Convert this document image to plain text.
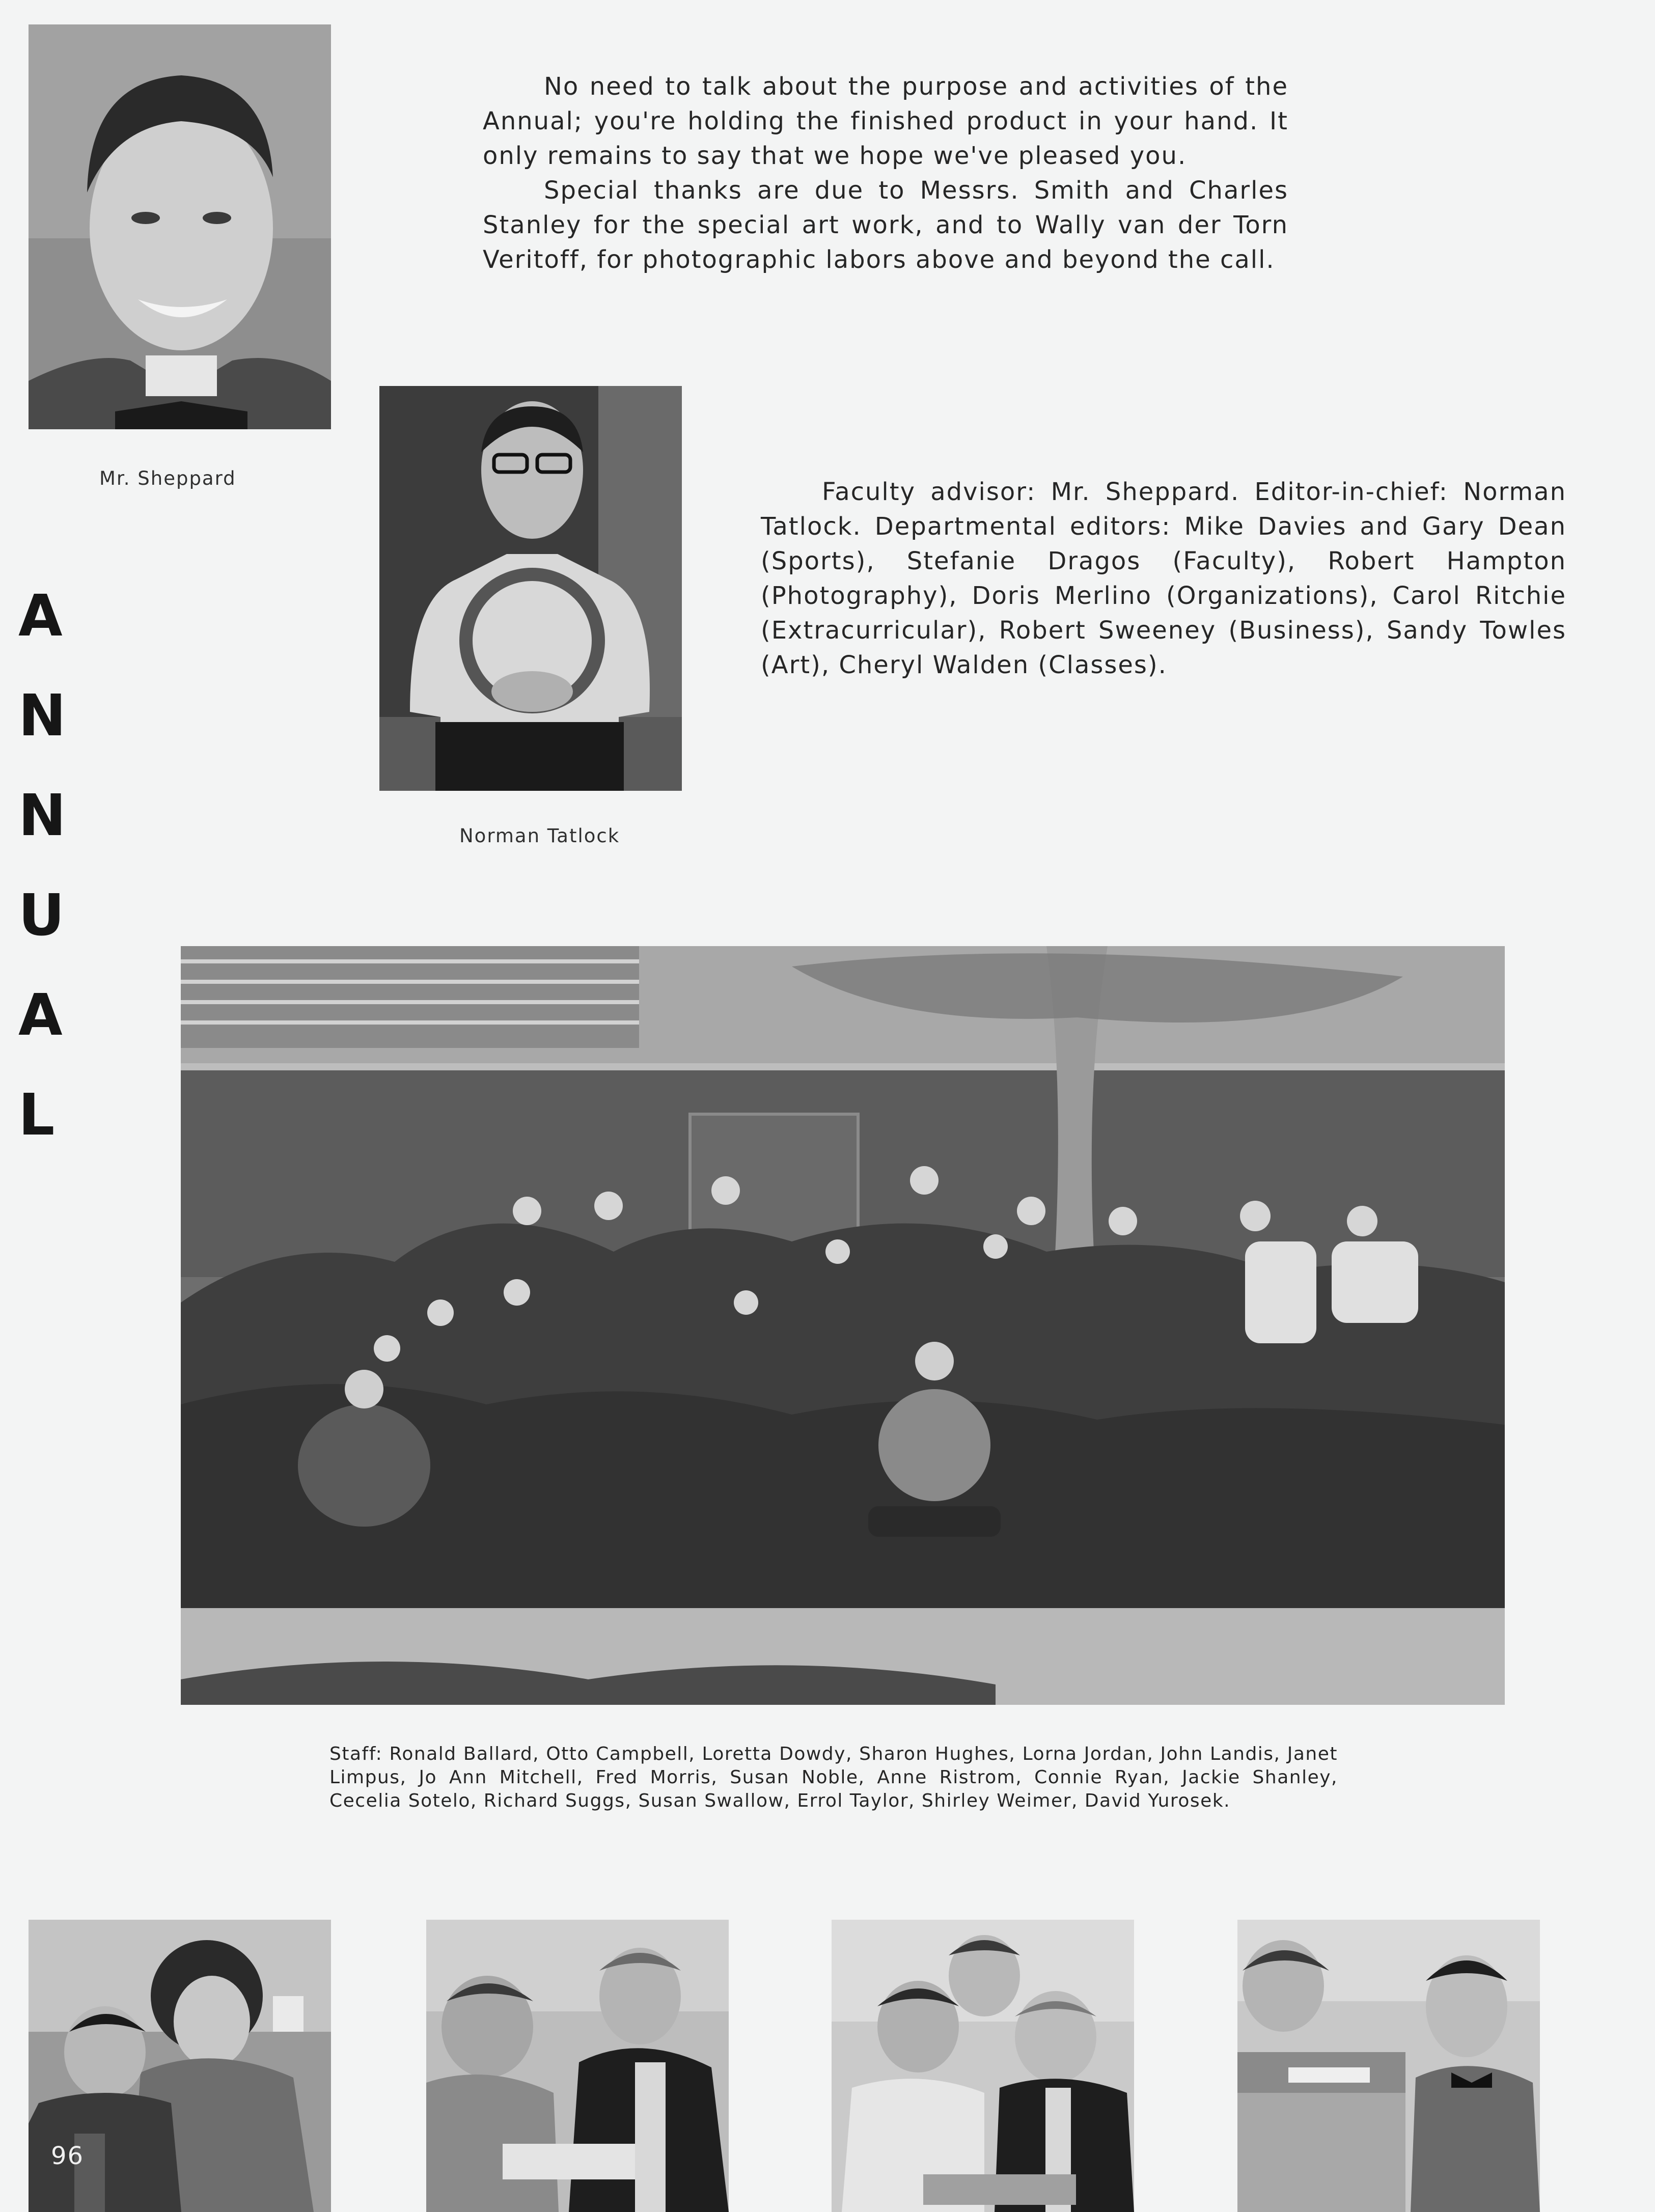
Mr. Sheppard

No need to talk about the purpose and activities of the Annual; you're holding the finished product in your hand. It only remains to say that we hope we've pleased you.

Special thanks are due to Messrs. Smith and Charles Stanley for the special art work, and to Wally van der Torn Veritoff, for photographic labors above and beyond the call.

Norman Tatlock

Faculty advisor: Mr. Sheppard. Editor-in-chief: Norman Tatlock. Departmental editors: Mike Davies and Gary Dean (Sports), Stefanie Dragos (Faculty), Robert Hampton (Photography), Doris Merlino (Organizations), Carol Ritchie (Extracurricular), Robert Sweeney (Business), Sandy Towles (Art), Cheryl Walden (Classes).

A
N
N
U
A
L
Staff: Ronald Ballard, Otto Campbell, Loretta Dowdy, Sharon Hughes, Lorna Jordan, John Landis, Janet Limpus, Jo Ann Mitchell, Fred Morris, Susan Noble, Anne Ristrom, Connie Ryan, Jackie Shanley, Cecelia Sotelo, Richard Suggs, Susan Swallow, Errol Taylor, Shirley Weimer, David Yurosek.
96
